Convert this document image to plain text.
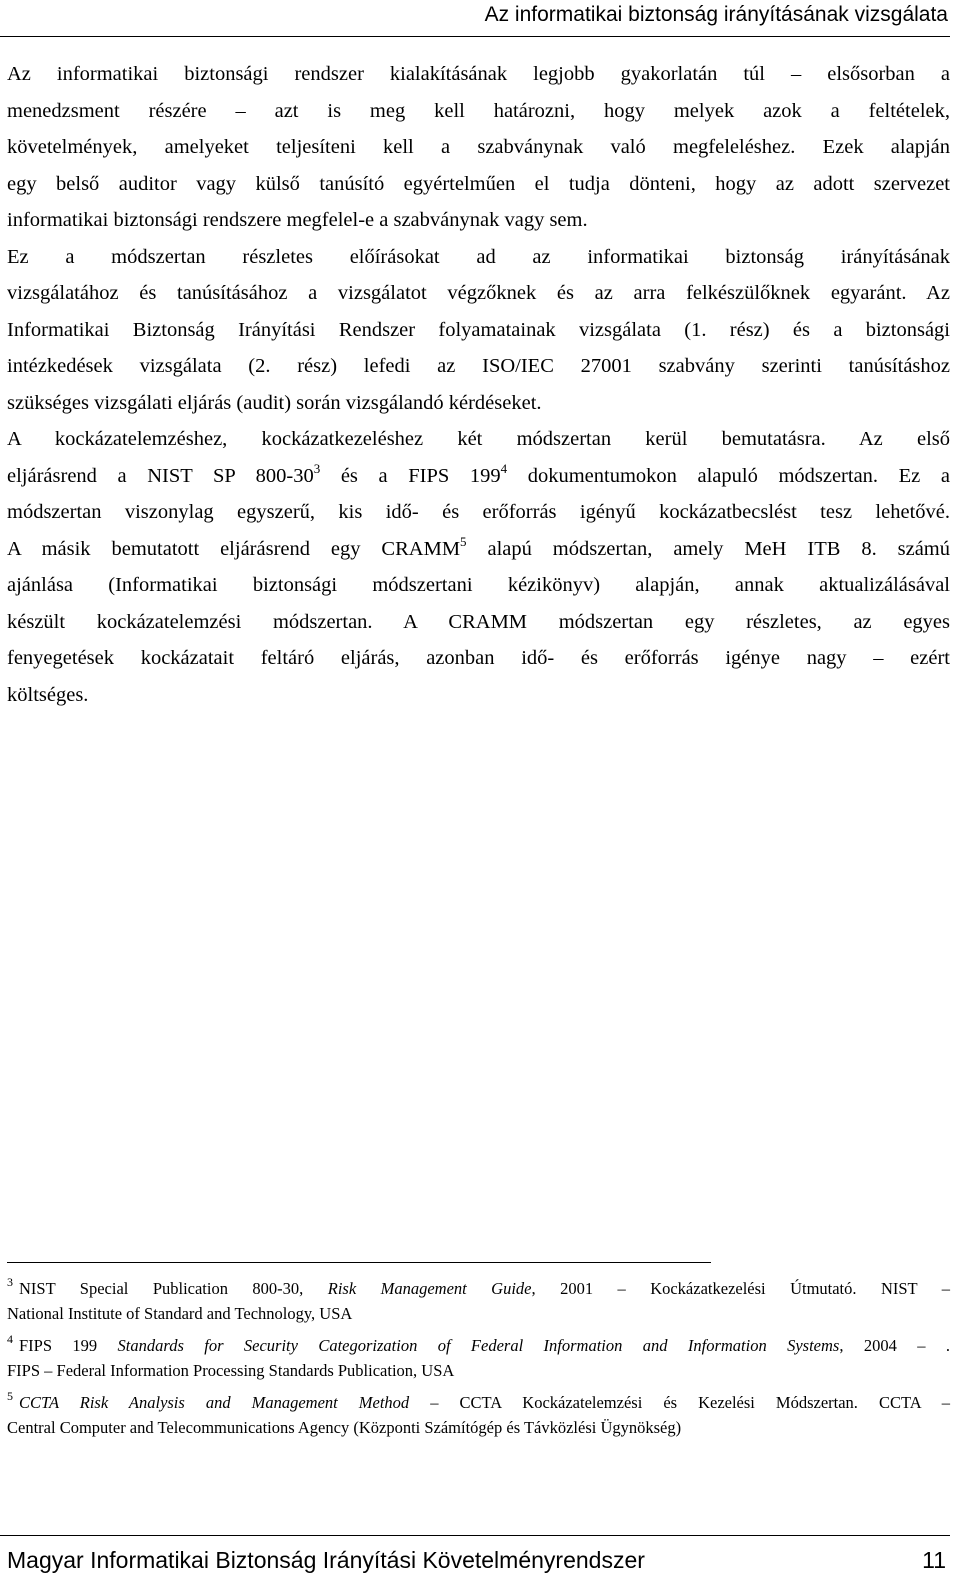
Az informatikai biztonság irányításának vizsgálata
Az informatikai biztonsági rendszer kialakításának legjobb gyakorlatán túl – elsősorban a
menedzsment részére – azt is meg kell határozni, hogy melyek azok a feltételek,
követelmények, amelyeket teljesíteni kell a szabványnak való megfeleléshez. Ezek alapján
egy belső auditor vagy külső tanúsító egyértelműen el tudja dönteni, hogy az adott szervezet
informatikai biztonsági rendszere megfelel-e a szabványnak vagy sem.
Ez a módszertan részletes előírásokat ad az informatikai biztonság irányításának
vizsgálatához és tanúsításához a vizsgálatot végzőknek és az arra felkészülőknek egyaránt. Az
Informatikai Biztonság Irányítási Rendszer folyamatainak vizsgálata (1. rész) és a biztonsági
intézkedések vizsgálata (2. rész) lefedi az ISO/IEC 27001 szabvány szerinti tanúsításhoz
szükséges vizsgálati eljárás (audit) során vizsgálandó kérdéseket.
A kockázatelemzéshez, kockázatkezeléshez két módszertan kerül bemutatásra. Az első
eljárásrend a NIST SP $800-30^3$ és a FIPS $199^4$ dokumentumokon alapuló módszertan. Ez a
módszertan viszonylag egyszerű, kis idő- és erőforrás igényű kockázatbecslést tesz lehetővé.
A másik bemutatott eljárásrend egy CRAMM$^5$ alapú módszertan, amely MeH ITB 8. számú
ajánlása (Informatikai biztonsági módszertani kézikönyv) alapján, annak aktualizálásával
készült kockázatelemzési módszertan. A CRAMM módszertan egy részletes, az egyes
fenyegetések kockázatait feltáró eljárás, azonban idő- és erőforrás igénye nagy – ezért
költséges.
$^3$ NIST Special Publication 800-30, Risk Management Guide, 2001 – Kockázatkezelési Útmutató. NIST –
National Institute of Standard and Technology, USA
$^4$ FIPS 199 Standards for Security Categorization of Federal Information and Information Systems, 2004 – .
FIPS – Federal Information Processing Standards Publication, USA
$^5$ CCTA Risk Analysis and Management Method – CCTA Kockázatelemzési és Kezelési Módszertan. CCTA –
Central Computer and Telecommunications Agency (Központi Számítógép és Távközlési Ügynökség)
Magyar Informatikai Biztonság Irányítási Követelményrendszer	11
